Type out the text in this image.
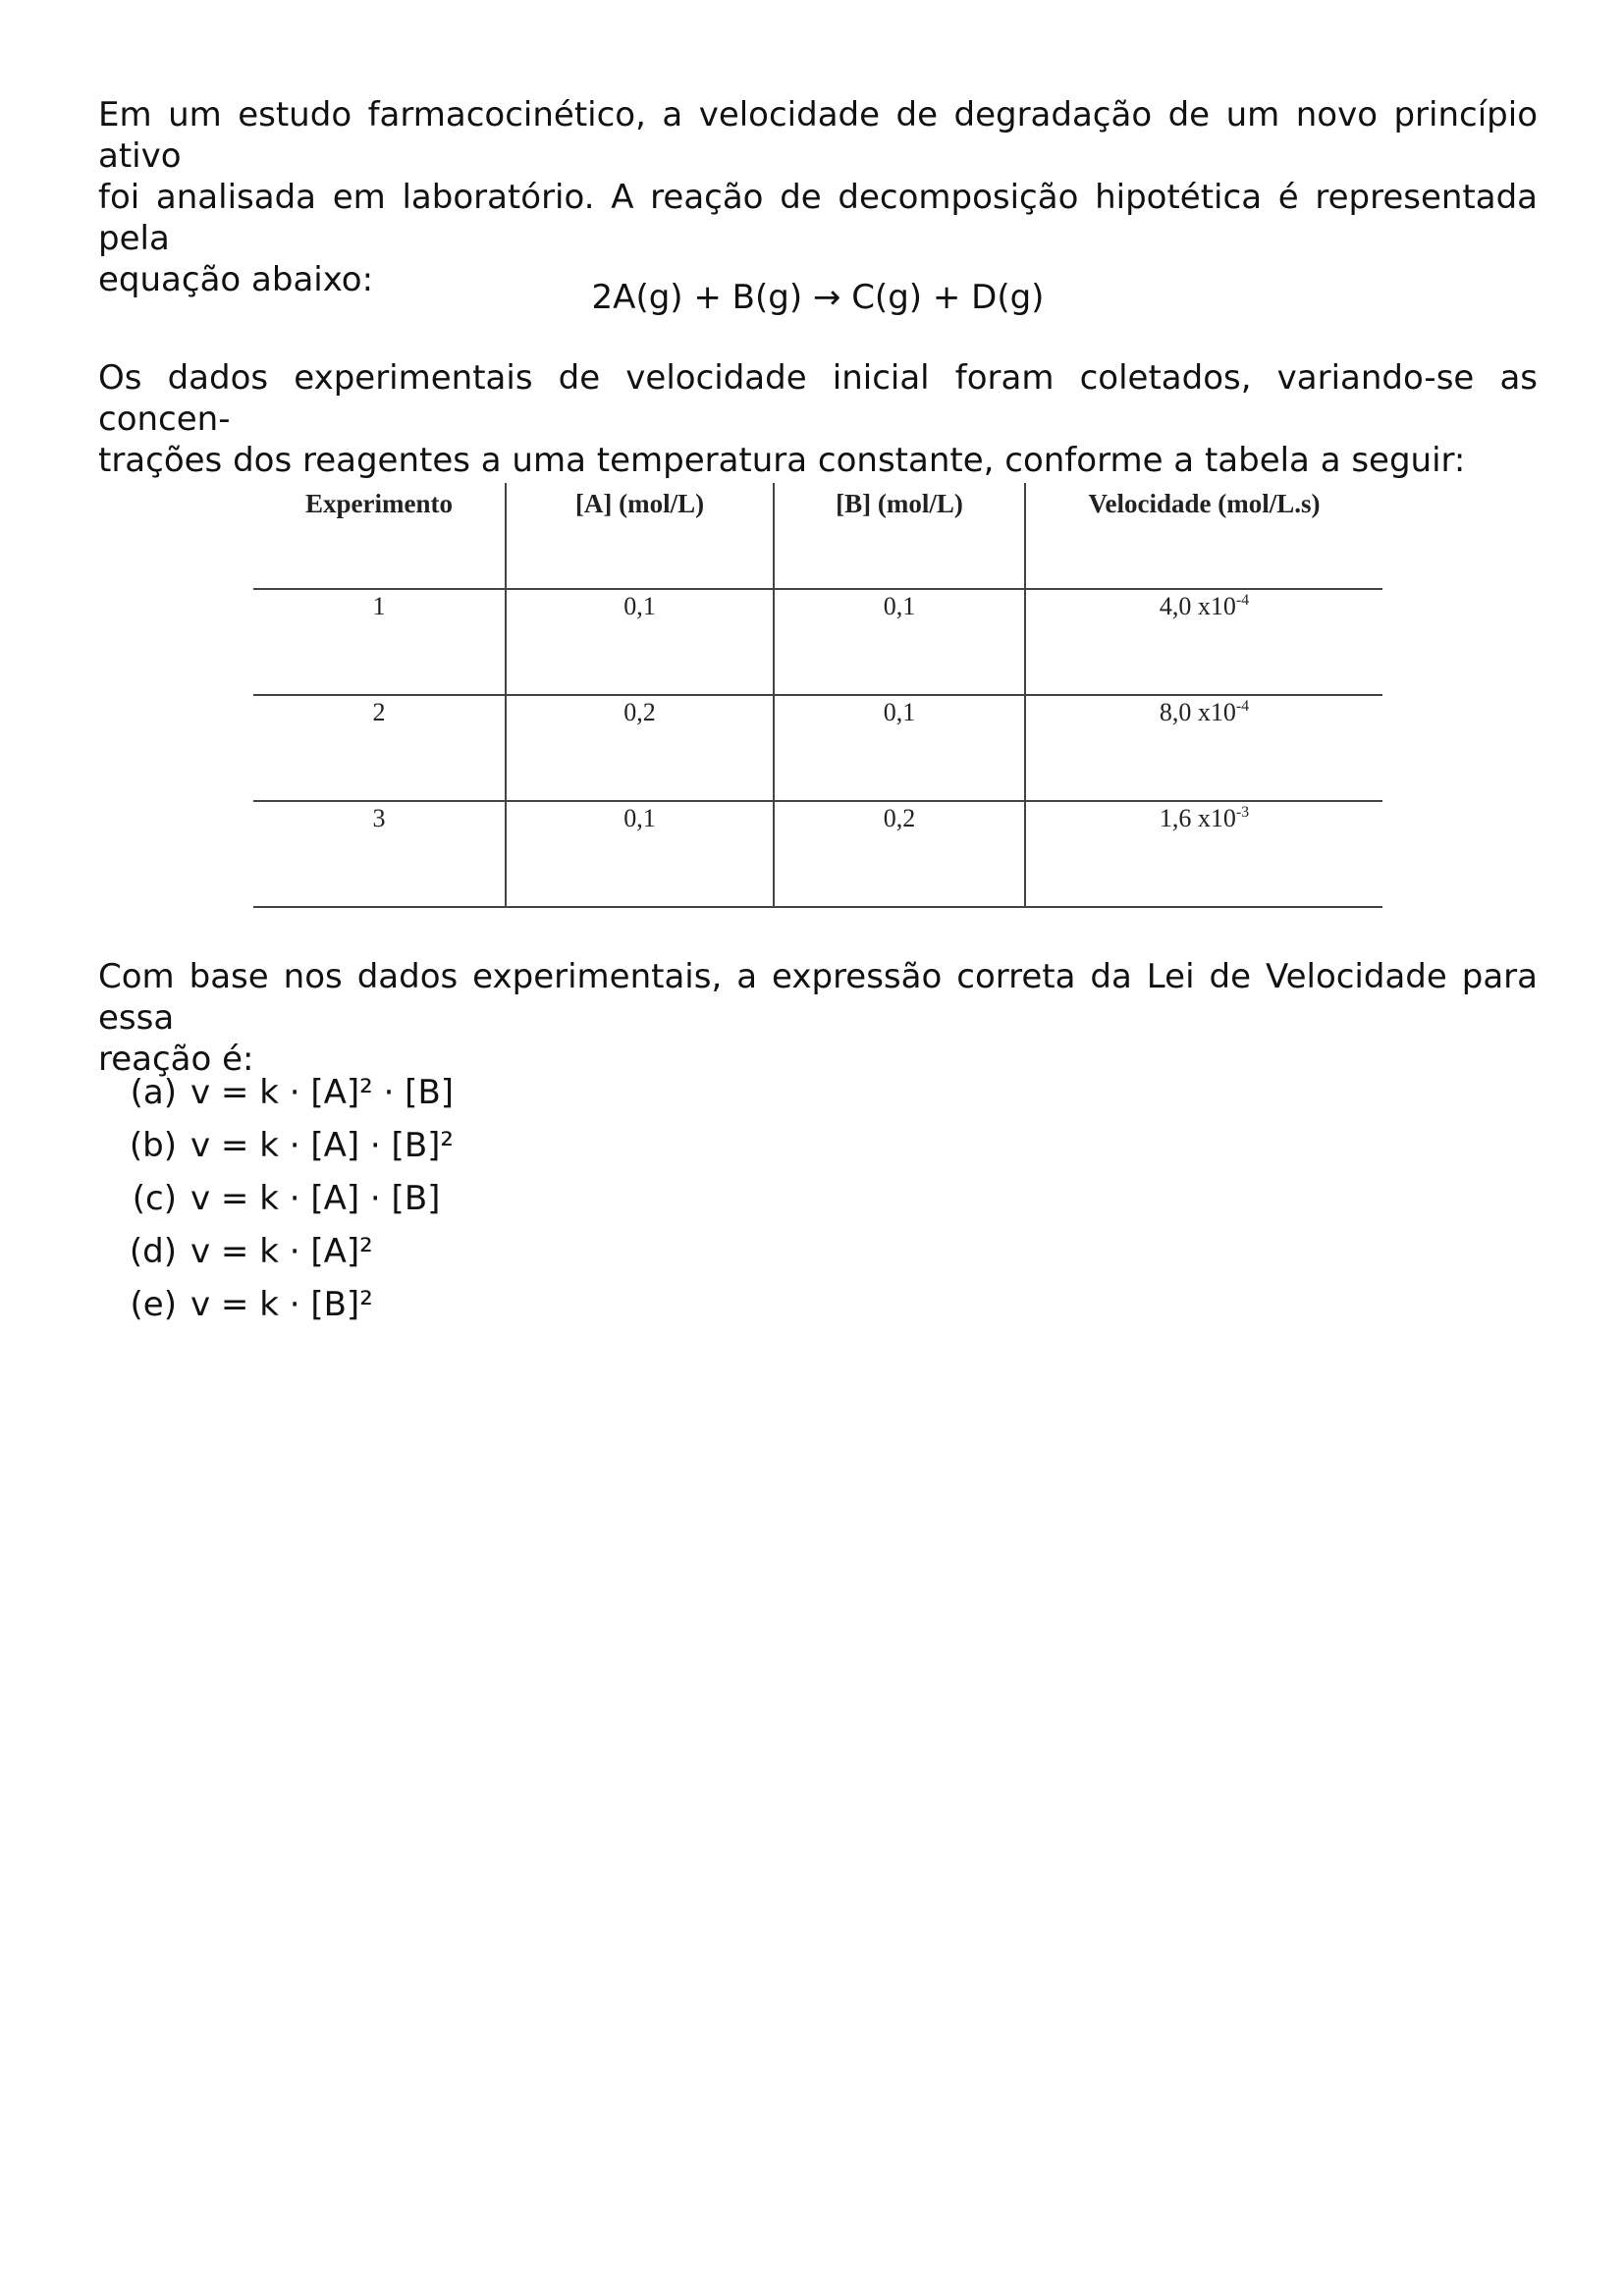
Em um estudo farmacocinético, a velocidade de degradação de um novo princípio ativo
foi analisada em laboratório. A reação de decomposição hipotética é representada pela
equação abaixo:	2A(g) + B(g) → C(g) + D(g)

Os dados experimentais de velocidade inicial foram coletados, variando-se as concen-
trações dos reagentes a uma temperatura constante, conforme a tabela a seguir:

Experimento	[A] (mol/L)	[B] (mol/L)	Velocidade (mol/L.s)
1	0,1	0,1	4,0 $x10^{-4}$
2	0,2	0,1	8,0 $x10^{-4}$
3	0,1	0,2	1,6 $x10^{-3}$

Com base nos dados experimentais, a expressão correta da Lei de Velocidade para essa
reação é:

(a) v = k · [A]² · [B]
(b) v = k · [A] · [B]²
(c) v = k · [A] · [B]
(d) v = k · [A]²
(e) v = k · [B]²
